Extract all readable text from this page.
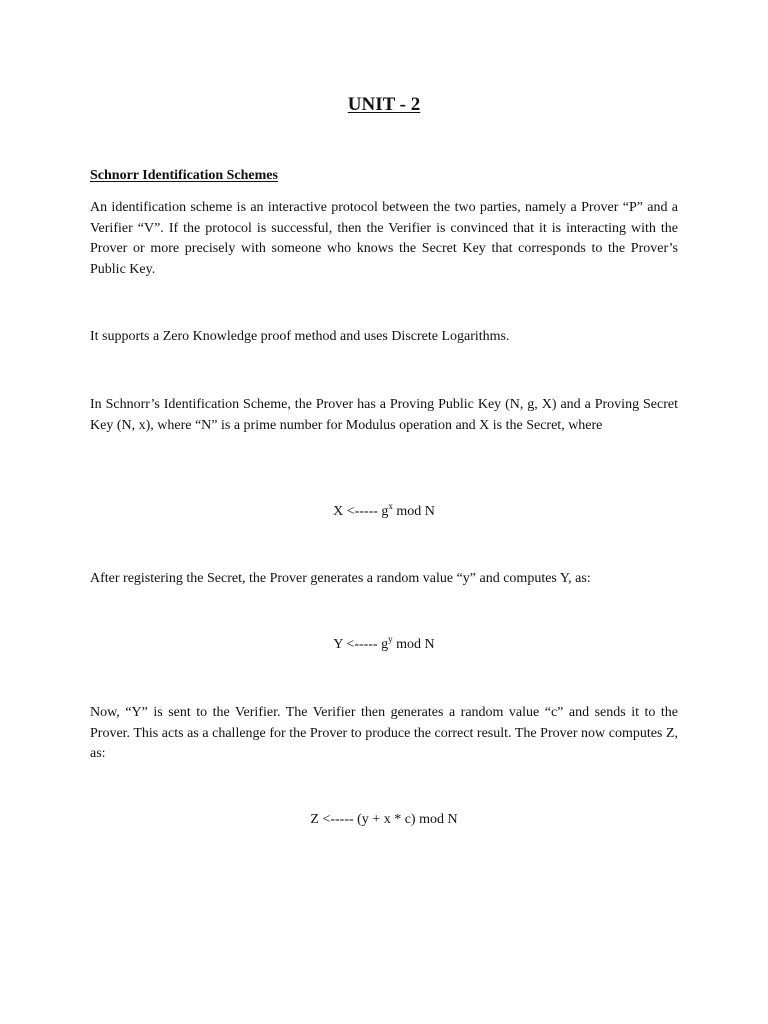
UNIT - 2
Schnorr Identification Schemes
An identification scheme is an interactive protocol between the two parties, namely a Prover “P” and a Verifier “V”. If the protocol is successful, then the Verifier is convinced that it is interacting with the Prover or more precisely with someone who knows the Secret Key that corresponds to the Prover’s Public Key.
It supports a Zero Knowledge proof method and uses Discrete Logarithms.
In Schnorr’s Identification Scheme, the Prover has a Proving Public Key (N, g, X) and a Proving Secret Key (N, x), where “N” is a prime number for Modulus operation and X is the Secret, where
X <----- $g^x$ mod N
After registering the Secret, the Prover generates a random value “y” and computes Y, as:
Y <----- $g^y$ mod N
Now, “Y” is sent to the Verifier. The Verifier then generates a random value “c” and sends it to the Prover. This acts as a challenge for the Prover to produce the correct result. The Prover now computes Z, as:
Z <----- (y + x * c) mod N
